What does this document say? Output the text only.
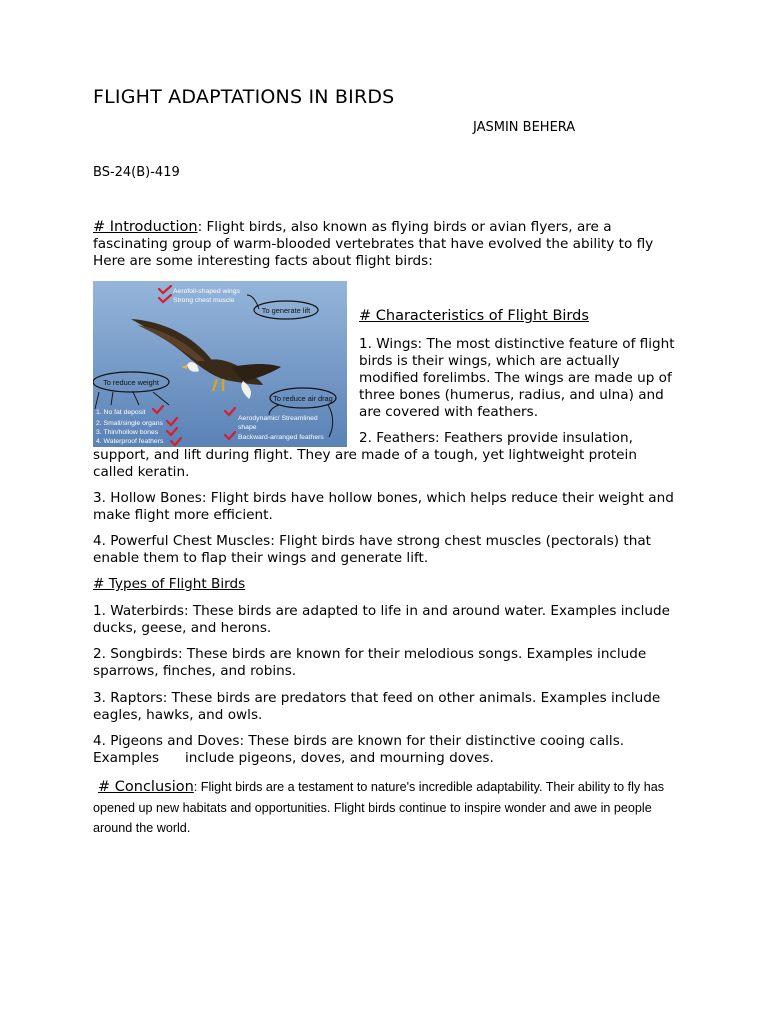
FLIGHT ADAPTATIONS IN BIRDS
JASMIN BEHERA
BS-24(B)-419

# Introduction: Flight birds, also known as flying birds or avian flyers, are a fascinating group of warm-blooded vertebrates that have evolved the ability to fly Here are some interesting facts about flight birds:

Aerofoil-shaped wings
Strong chest muscle
1. No fat deposit
2. Small/single organs
3. Thin/hollow bones
4. Waterproof feathers
Aerodynamic/ Streamlined
shape
Backward-arranged feathers
To generate lift
To reduce weight
To reduce air drag
# Characteristics of Flight Birds

1. Wings: The most distinctive feature of flight birds is their wings, which are actually modified forelimbs. The wings are made up of three bones (humerus, radius, and ulna) and are covered with feathers.

2. Feathers: Feathers provide insulation,

support, and lift during flight. They are made of a tough, yet lightweight protein called keratin.

3. Hollow Bones: Flight birds have hollow bones, which helps reduce their weight and make flight more efficient.

4. Powerful Chest Muscles: Flight birds have strong chest muscles (pectorals) that enable them to flap their wings and generate lift.

# Types of Flight Birds

1. Waterbirds: These birds are adapted to life in and around water. Examples include ducks, geese, and herons.

2. Songbirds: These birds are known for their melodious songs. Examples include sparrows, finches, and robins.

3. Raptors: These birds are predators that feed on other animals. Examples include eagles, hawks, and owls.

4. Pigeons and Doves: These birds are known for their distinctive cooing calls.

Examples      include pigeons, doves, and mourning doves.

# Conclusion: Flight birds are a testament to nature's incredible adaptability. Their ability to fly has opened up new habitats and opportunities. Flight birds continue to inspire wonder and awe in people around the world.
